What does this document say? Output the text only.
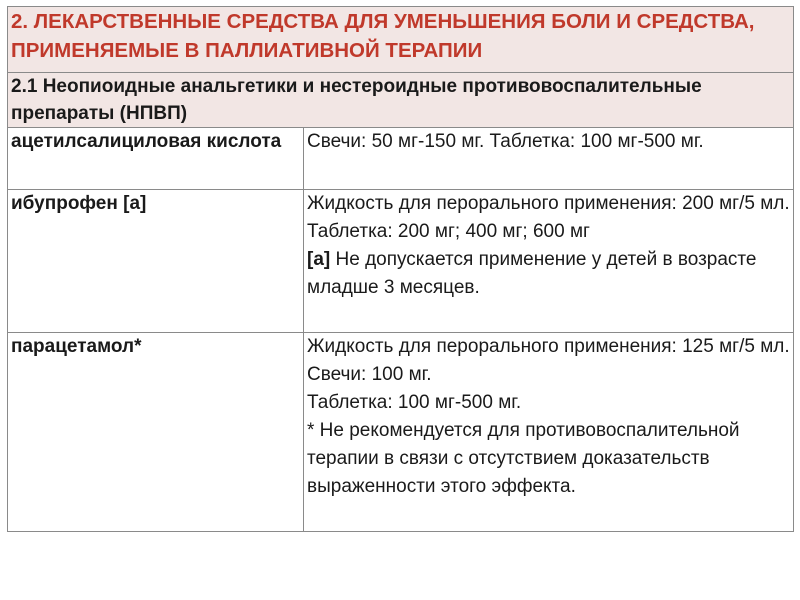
2. ЛЕКАРСТВЕННЫЕ СРЕДСТВА ДЛЯ УМЕНЬШЕНИЯ БОЛИ И СРЕДСТВА, ПРИМЕНЯЕМЫЕ В ПАЛЛИАТИВНОЙ ТЕРАПИИ	
2.1 Неопиоидные анальгетики и нестероидные противовоспалительные препараты (НПВП)	
ацетилсалициловая кислота	Свечи: 50 мг-150 мг. Таблетка: 100 мг-500 мг.

ибупрофен [а]	Жидкость для перорального применения: 200 мг/5 мл. Таблетка: 200 мг; 400 мг; 600 мг
[а] Не допускается применение у детей в возрасте младше 3 месяцев.

парацетамол*	Жидкость для перорального применения: 125 мг/5 мл. Свечи: 100 мг.
Таблетка: 100 мг-500 мг.
* Не рекомендуется для противовоспалительной терапии в связи с отсутствием доказательств выраженности этого эффекта.
